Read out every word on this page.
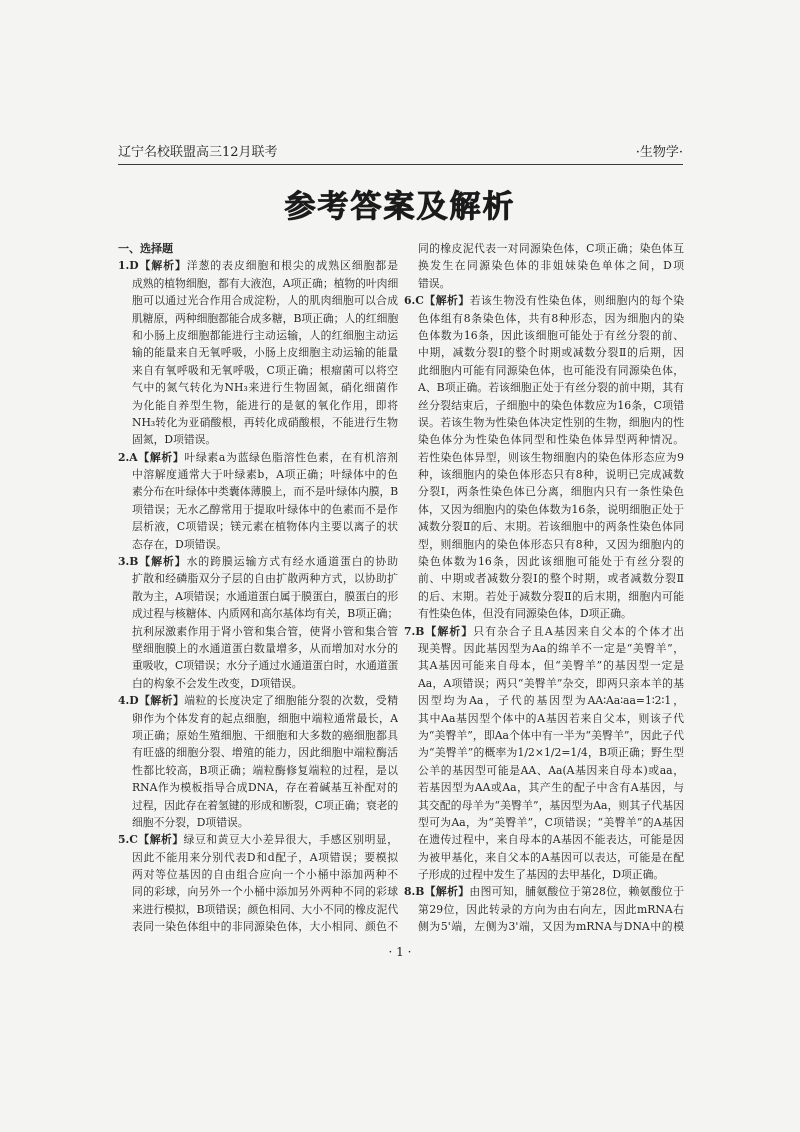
辽宁名校联盟高三12月联考	·生物学·
参考答案及解析
一、选择题
1.D【解析】洋葱的表皮细胞和根尖的成熟区细胞都是
成熟的植物细胞，都有大液泡，A项正确；植物的叶肉细
胞可以通过光合作用合成淀粉，人的肌肉细胞可以合成
肌糖原，两种细胞都能合成多糖，B项正确；人的红细胞
和小肠上皮细胞都能进行主动运输，人的红细胞主动运
输的能量来自无氧呼吸，小肠上皮细胞主动运输的能量
来自有氧呼吸和无氧呼吸，C项正确；根瘤菌可以将空
气中的氮气转化为NH₃来进行生物固氮，硝化细菌作
为化能自养型生物，能进行的是氨的氧化作用，即将
NH₃转化为亚硝酸根，再转化成硝酸根，不能进行生物
固氮，D项错误。
2.A【解析】叶绿素a为蓝绿色脂溶性色素，在有机溶剂
中溶解度通常大于叶绿素b，A项正确；叶绿体中的色
素分布在叶绿体中类囊体薄膜上，而不是叶绿体内膜，B
项错误；无水乙醇常用于提取叶绿体中的色素而不是作
层析液，C项错误；镁元素在植物体内主要以离子的状
态存在，D项错误。
3.B【解析】水的跨膜运输方式有经水通道蛋白的协助
扩散和经磷脂双分子层的自由扩散两种方式，以协助扩
散为主，A项错误；水通道蛋白属于膜蛋白，膜蛋白的形
成过程与核糖体、内质网和高尔基体均有关，B项正确；
抗利尿激素作用于肾小管和集合管，使肾小管和集合管
壁细胞膜上的水通道蛋白数量增多，从而增加对水分的
重吸收，C项错误；水分子通过水通道蛋白时，水通道蛋
白的构象不会发生改变，D项错误。
4.D【解析】端粒的长度决定了细胞能分裂的次数，受精
卵作为个体发育的起点细胞，细胞中端粒通常最长，A
项正确；原始生殖细胞、干细胞和大多数的癌细胞都具
有旺盛的细胞分裂、增殖的能力，因此细胞中端粒酶活
性都比较高，B项正确；端粒酶修复端粒的过程，是以
RNA作为模板指导合成DNA，存在着碱基互补配对的
过程，因此存在着氢键的形成和断裂，C项正确；衰老的
细胞不分裂，D项错误。
5.C【解析】绿豆和黄豆大小差异很大，手感区别明显，
因此不能用来分别代表D和d配子，A项错误；要模拟
两对等位基因的自由组合应向一个小桶中添加两种不
同的彩球，向另外一个小桶中添加另外两种不同的彩球
来进行模拟，B项错误；颜色相同、大小不同的橡皮泥代
表同一染色体组中的非同源染色体，大小相同、颜色不
同的橡皮泥代表一对同源染色体，C项正确；染色体互
换发生在同源染色体的非姐妹染色单体之间，D项
错误。
6.C【解析】若该生物没有性染色体，则细胞内的每个染
色体组有8条染色体，共有8种形态，因为细胞内的染
色体数为16条，因此该细胞可能处于有丝分裂的前、
中期，减数分裂Ⅰ的整个时期或减数分裂Ⅱ的后期，因
此细胞内可能有同源染色体，也可能没有同源染色体，
A、B项正确。若该细胞正处于有丝分裂的前中期，其有
丝分裂结束后，子细胞中的染色体数应为16条，C项错
误。若该生物为性染色体决定性别的生物，细胞内的性
染色体分为性染色体同型和性染色体异型两种情况。
若性染色体异型，则该生物细胞内的染色体形态应为9
种，该细胞内的染色体形态只有8种，说明已完成减数
分裂Ⅰ，两条性染色体已分离，细胞内只有一条性染色
体，又因为细胞内的染色体数为16条，说明细胞正处于
减数分裂Ⅱ的后、末期。若该细胞中的两条性染色体同
型，则细胞内的染色体形态只有8种，又因为细胞内的
染色体数为16条，因此该细胞可能处于有丝分裂的
前、中期或者减数分裂Ⅰ的整个时期，或者减数分裂Ⅱ
的后、末期。若处于减数分裂Ⅱ的后末期，细胞内可能
有性染色体，但没有同源染色体，D项正确。
7.B【解析】只有杂合子且A基因来自父本的个体才出
现美臀。因此基因型为Aa的绵羊不一定是“美臀羊”，
其A基因可能来自母本，但“美臀羊”的基因型一定是
Aa，A项错误；两只“美臀羊”杂交，即两只亲本羊的基
因型均为Aa，子代的基因型为AA∶Aa∶aa=1∶2∶1，
其中Aa基因型个体中的A基因若来自父本，则该子代
为“美臀羊”，即Aa个体中有一半为“美臀羊”，因此子代
为“美臀羊”的概率为1/2×1/2=1/4，B项正确；野生型
公羊的基因型可能是AA、Aa(A基因来自母本)或aa，
若基因型为AA或Aa，其产生的配子中含有A基因，与
其交配的母羊为“美臀羊”，基因型为Aa，则其子代基因
型可为Aa，为“美臀羊”，C项错误；“美臀羊”的A基因
在遗传过程中，来自母本的A基因不能表达，可能是因
为被甲基化，来自父本的A基因可以表达，可能是在配
子形成的过程中发生了基因的去甲基化，D项正确。
8.B【解析】由图可知，脯氨酸位于第28位，赖氨酸位于
第29位，因此转录的方向为由右向左，因此mRNA右
侧为5'端，左侧为3'端，又因为mRNA与DNA中的模
· 1 ·
